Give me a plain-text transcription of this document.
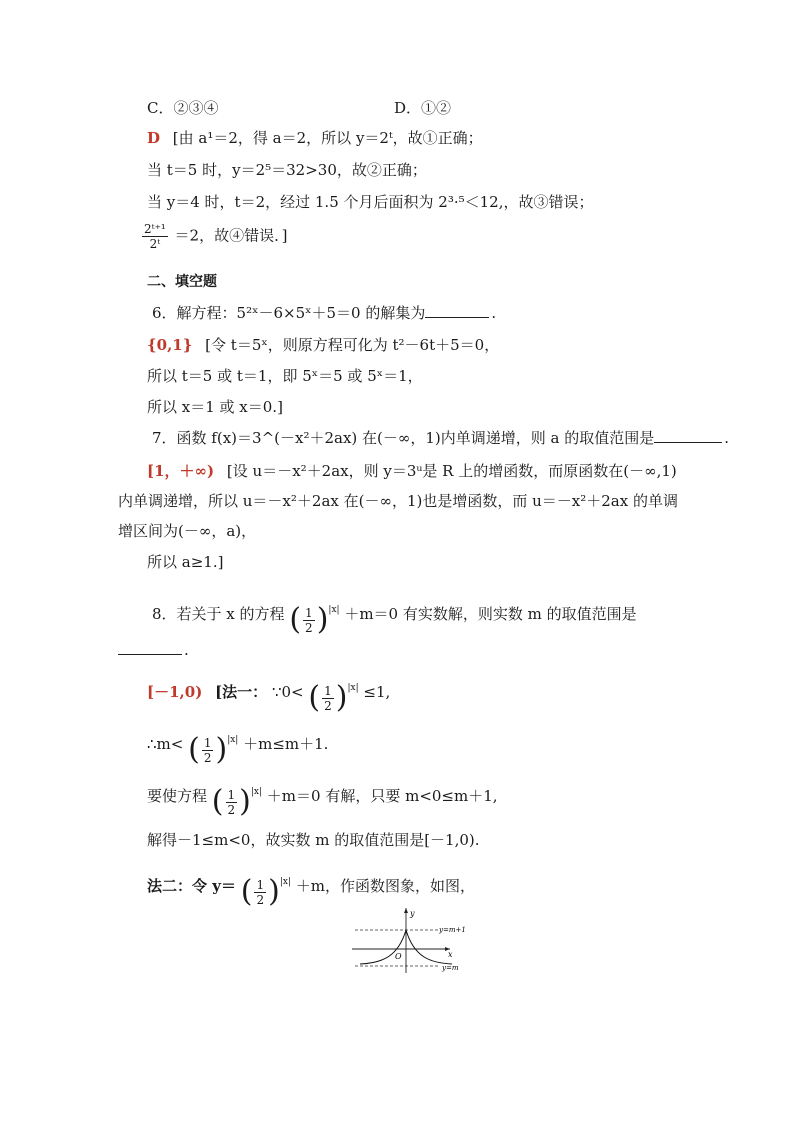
C．②③④	D．①②
D [由 a¹＝2，得 a＝2，所以 y＝2ᵗ，故①正确；
当 t＝5 时，y＝2⁵＝32>30，故②正确；
当 y＝4 时，t＝2，经过 1.5 个月后面积为 2³·⁵＜12,，故③错误；
$\frac{\text{2ᵗ⁺¹}}{\text{2ᵗ}} =2$，故④错误．]
二、填空题
6．解方程：5²ˣ－6×5ˣ＋5＝0 的解集为	.
{0,1} [令 t＝5ˣ，则原方程可化为 t²－6t＋5＝0，
所以 t＝5 或 t＝1，即 5ˣ＝5 或 5ˣ＝1，
所以 x＝1 或 x＝0.]
7．函数 f(x)＝3^(－x²＋2ax) 在(－∞，1)内单调递增，则 a 的取值范围是	.
[1，＋∞) [设 u＝－x²＋2ax，则 y＝3ᵘ是 R 上的增函数，而原函数在(－∞,1)
内单调递增，所以 u＝－x²＋2ax 在(－∞，1)也是增函数，而 u＝－x²＋2ax 的单调
增区间为(－∞，a)，
所以 a≥1.]
8．若关于 x 的方程 ( $\frac{1}{2} )^{|x|} +m=0$ 有实数解，则实数 m 的取值范围是
.
[－1,0) [法一： ∵0< ( $\frac{1}{2} )^{|x|} \le 1$,
∴m< ( $\frac{1}{2} )^{|x|} +m\le m+1$.
要使方程 ( $\frac{1}{2} )^{|x|} +m=0$ 有解，只要 m<0≤m＋1,
解得－1≤m<0，故实数 m 的取值范围是[－1,0).
法二：令 y＝ ( $\frac{1}{2} )^{|x|} +m$，作函数图象，如图，
y
x
O
y=m+1
y=m
